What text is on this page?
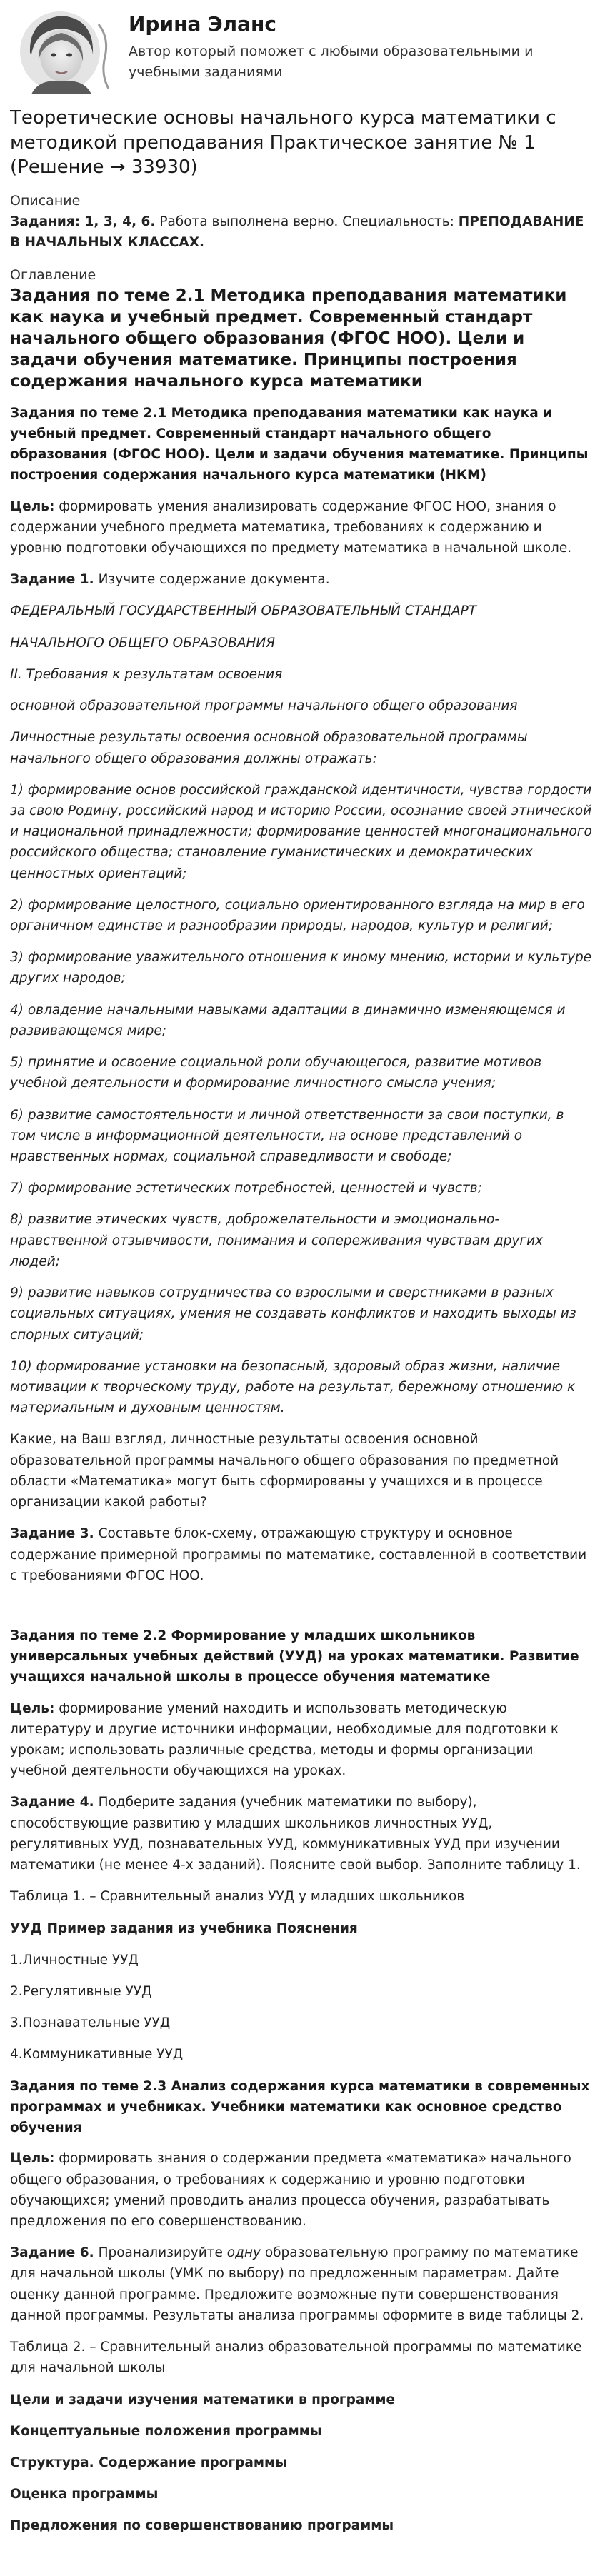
Ирина Эланс
Автор который поможет с любыми образовательными и учебными заданиями
Теоретические основы начального курса математики с методикой преподавания Практическое занятие № 1 (Решение → 33930)
Описание

Задания: 1, 3, 4, 6. Работа выполнена верно. Специальность: ПРЕПОДАВАНИЕ В НАЧАЛЬНЫХ КЛАССАХ.

Оглавление
Задания по теме 2.1 Методика преподавания математики как наука и учебный предмет. Современный стандарт начального общего образования (ФГОС НОО). Цели и задачи обучения математике. Принципы построения содержания начального курса математики
Задания по теме 2.1 Методика преподавания математики как наука и учебный предмет. Современный стандарт начального общего образования (ФГОС НОО). Цели и задачи обучения математике. Принципы построения содержания начального курса математики (НКМ)

Цель: формировать умения анализировать содержание ФГОС НОО, знания о содержании учебного предмета математика, требованиях к содержанию и уровню подготовки обучающихся по предмету математика в начальной школе.

Задание 1. Изучите содержание документа.

ФЕДЕРАЛЬНЫЙ ГОСУДАРСТВЕННЫЙ ОБРАЗОВАТЕЛЬНЫЙ СТАНДАРТ

НАЧАЛЬНОГО ОБЩЕГО ОБРАЗОВАНИЯ

II. Требования к результатам освоения

основной образовательной программы начального общего образования

Личностные результаты освоения основной образовательной программы начального общего образования должны отражать:

1) формирование основ российской гражданской идентичности, чувства гордости за свою Родину, российский народ и историю России, осознание своей этнической и национальной принадлежности; формирование ценностей многонационального российского общества; становление гуманистических и демократических ценностных ориентаций;

2) формирование целостного, социально ориентированного взгляда на мир в его органичном единстве и разнообразии природы, народов, культур и религий;

3) формирование уважительного отношения к иному мнению, истории и культуре других народов;

4) овладение начальными навыками адаптации в динамично изменяющемся и развивающемся мире;

5) принятие и освоение социальной роли обучающегося, развитие мотивов учебной деятельности и формирование личностного смысла учения;

6) развитие самостоятельности и личной ответственности за свои поступки, в том числе в информационной деятельности, на основе представлений о нравственных нормах, социальной справедливости и свободе;

7) формирование эстетических потребностей, ценностей и чувств;

8) развитие этических чувств, доброжелательности и эмоционально-нравственной отзывчивости, понимания и сопереживания чувствам других людей;

9) развитие навыков сотрудничества со взрослыми и сверстниками в разных социальных ситуациях, умения не создавать конфликтов и находить выходы из спорных ситуаций;

10) формирование установки на безопасный, здоровый образ жизни, наличие мотивации к творческому труду, работе на результат, бережному отношению к материальным и духовным ценностям.

Какие, на Ваш взгляд, личностные результаты освоения основной образовательной программы начального общего образования по предметной области «Математика» могут быть сформированы у учащихся и в процессе организации какой работы?

Задание 3. Составьте блок-схему, отражающую структуру и основное содержание примерной программы по математике, составленной в соответствии с требованиями ФГОС НОО.

Задания по теме 2.2 Формирование у младших школьников универсальных учебных действий (УУД) на уроках математики. Развитие учащихся начальной школы в процессе обучения математике

Цель: формирование умений находить и использовать методическую литературу и другие источники информации, необходимые для подготовки к урокам; использовать различные средства, методы и формы организации учебной деятельности обучающихся на уроках.

Задание 4. Подберите задания (учебник математики по выбору), способствующие развитию у младших школьников личностных УУД, регулятивных УУД, познавательных УУД, коммуникативных УУД при изучении математики (не менее 4-х заданий). Поясните свой выбор. Заполните таблицу 1.

Таблица 1. – Сравнительный анализ УУД у младших школьников

УУД Пример задания из учебника Пояснения

1.Личностные УУД

2.Регулятивные УУД

3.Познавательные УУД

4.Коммуникативные УУД

Задания по теме 2.3 Анализ содержания курса математики в современных программах и учебниках. Учебники математики как основное средство обучения

Цель: формировать знания о содержании предмета «математика» начального общего образования, о требованиях к содержанию и уровню подготовки обучающихся; умений проводить анализ процесса обучения, разрабатывать предложения по его совершенствованию.

Задание 6. Проанализируйте одну образовательную программу по математике для начальной школы (УМК по выбору) по предложенным параметрам. Дайте оценку данной программе. Предложите возможные пути совершенствования данной программы. Результаты анализа программы оформите в виде таблицы 2.

Таблица 2. – Сравнительный анализ образовательной программы по математике для начальной школы

Цели и задачи изучения математики в программе

Концептуальные положения программы

Структура. Содержание программы

Оценка программы

Предложения по совершенствованию программы
